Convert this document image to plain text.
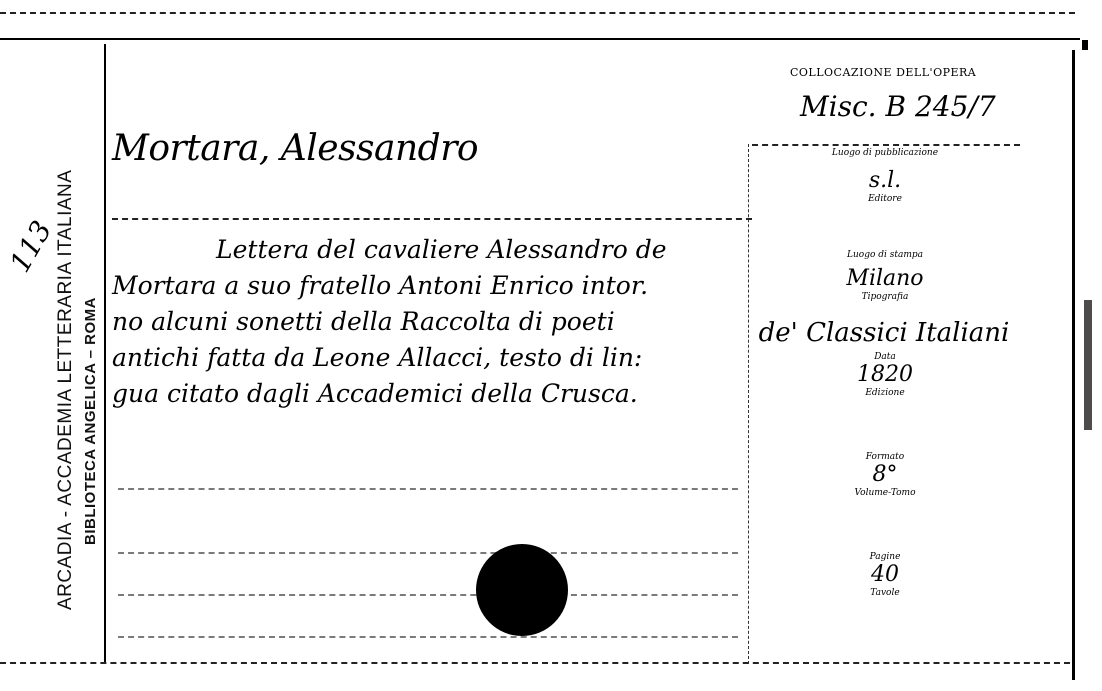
ARCADIA - ACCADEMIA LETTERARIA ITALIANA BIBLIOTECA ANGELICA – ROMA
113
Mortara, Alessandro
Lettera del cavaliere Alessandro de
Mortara a suo fratello Antoni Enrico intor.
no alcuni sonetti della Raccolta di poeti
antichi fatta da Leone Allacci, testo di lin:
gua citato dagli Accademici della Crusca.
COLLOCAZIONE DELL'OPERA
Misc. B 245/7
Luogo di pubblicazione
s.l.
Editore
Luogo di stampa
Milano
Tipografia
de' Classici Italiani
Data
1820
Edizione
Formato
8°
Volume-Tomo
Pagine
40
Tavole
